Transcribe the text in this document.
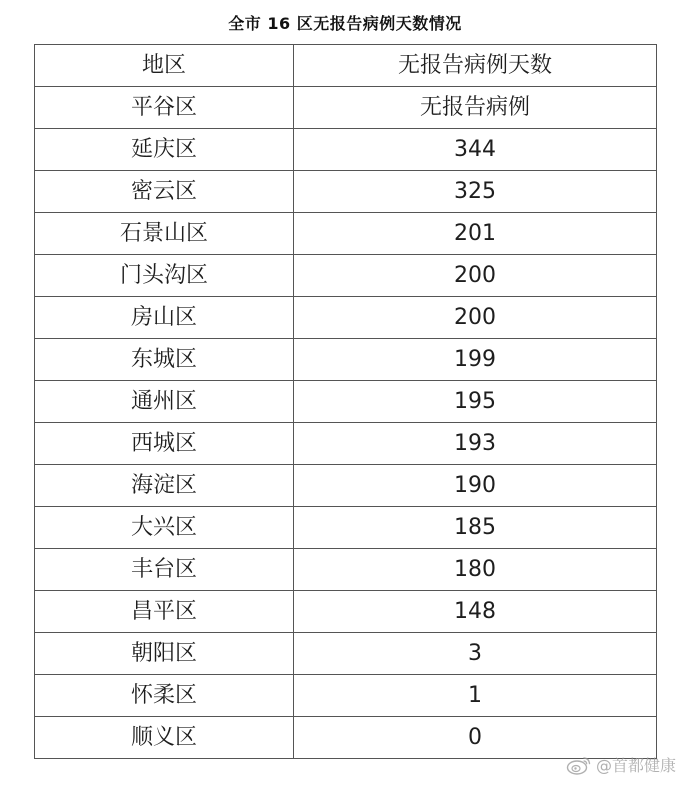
全市 16 区无报告病例天数情况
地区	无报告病例天数
平谷区	无报告病例
延庆区	344
密云区	325
石景山区	201
门头沟区	200
房山区	200
东城区	199
通州区	195
西城区	193
海淀区	190
大兴区	185
丰台区	180
昌平区	148
朝阳区	3
怀柔区	1
顺义区	0
@首都健康
